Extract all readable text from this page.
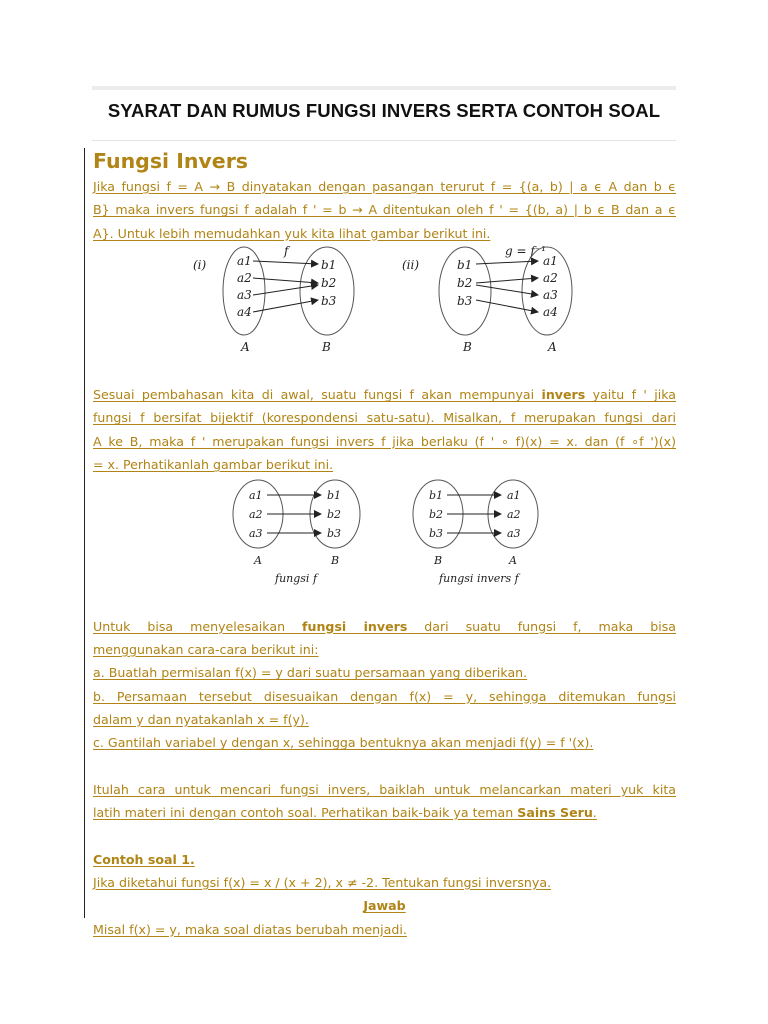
SYARAT DAN RUMUS FUNGSI INVERS SERTA CONTOH SOAL
Fungsi Invers
Jika fungsi f = A → B dinyatakan dengan pasangan terurut f = {(a, b) | a ϵ A dan b ϵ
B} maka invers fungsi f adalah f ' = b → A ditentukan oleh f ' = {(b, a) | b ϵ B dan a ϵ
A}. Untuk lebih memudahkan yuk kita lihat gambar berikut ini.
(i)
f
a1
a2
a3
a4
b1
b2
b3
A	B
(ii)
g = f⁻¹
b1
b2
b3
a1
a2
a3
a4
B	A
Sesuai pembahasan kita di awal, suatu fungsi f akan mempunyai invers yaitu f ' jika
fungsi f bersifat bijektif (korespondensi satu-satu). Misalkan, f merupakan fungsi dari
A ke B, maka f ' merupakan fungsi invers f jika berlaku (f ' ∘ f)(x) = x. dan (f ∘f ')(x)
= x. Perhatikanlah gambar berikut ini.
a1
a2
a3
b1
b2
b3
A	B
fungsi f
b1
b2
b3
a1
a2
a3
B	A
fungsi invers f
Untuk bisa menyelesaikan fungsi invers dari suatu fungsi f, maka bisa
menggunakan cara-cara berikut ini:
a. Buatlah permisalan f(x) = y dari suatu persamaan yang diberikan.
b. Persamaan tersebut disesuaikan dengan f(x) = y, sehingga ditemukan fungsi
dalam y dan nyatakanlah x = f(y).
c. Gantilah variabel y dengan x, sehingga bentuknya akan menjadi f(y) = f '(x).
Itulah cara untuk mencari fungsi invers, baiklah untuk melancarkan materi yuk kita
latih materi ini dengan contoh soal. Perhatikan baik-baik ya teman Sains Seru.
Contoh soal 1.
Jika diketahui fungsi f(x) = x / (x + 2), x ≠ -2. Tentukan fungsi inversnya.
Jawab
Misal f(x) = y, maka soal diatas berubah menjadi.
